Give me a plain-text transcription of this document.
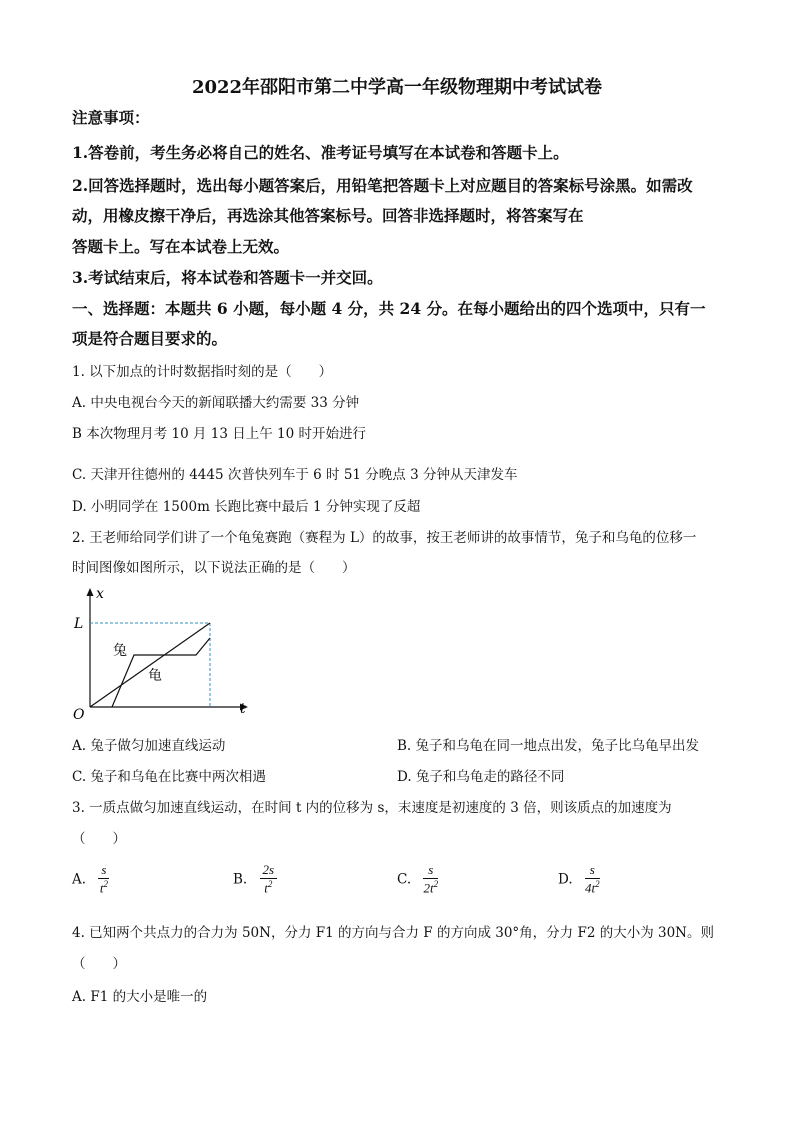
2022年邵阳市第二中学高一年级物理期中考试试卷
注意事项：
1.答卷前，考生务必将自己的姓名、准考证号填写在本试卷和答题卡上。
2.回答选择题时，选出每小题答案后，用铅笔把答题卡上对应题目的答案标号涂黑。如需改
动，用橡皮擦干净后，再选涂其他答案标号。回答非选择题时，将答案写在
答题卡上。写在本试卷上无效。
3.考试结束后，将本试卷和答题卡一并交回。
一、选择题：本题共 6 小题，每小题 4 分，共 24 分。在每小题给出的四个选项中，只有一
项是符合题目要求的。
1. 以下加点的计时数据指时刻的是（　　）
A. 中央电视台今天的新闻联播大约需要 33 分钟
B 本次物理月考 10 月 13 日上午 10 时开始进行
C. 天津开往德州的 4445 次普快列车于 6 时 51 分晚点 3 分钟从天津发车
D. 小明同学在 1500m 长跑比赛中最后 1 分钟实现了反超
2. 王老师给同学们讲了一个龟兔赛跑（赛程为 L）的故事，按王老师讲的故事情节，兔子和乌龟的位移一
时间图像如图所示，以下说法正确的是（　　）
x
t
O
L
兔
龟
A. 兔子做匀加速直线运动	B. 兔子和乌龟在同一地点出发，兔子比乌龟早出发
C. 兔子和乌龟在比赛中两次相遇	D. 兔子和乌龟走的路径不同
3. 一质点做匀加速直线运动，在时间 t 内的位移为 s，末速度是初速度的 3 倍，则该质点的加速度为
（　　）
A. $\frac{s}{t^2}$	B. $\frac{2s}{t^2}$	C. $\frac{s}{2t^2}$	D. $\frac{s}{4t^2}$
4. 已知两个共点力的合力为 50N，分力 F1 的方向与合力 F 的方向成 30°角，分力 F2 的大小为 30N。则
（　　）
A. F1 的大小是唯一的
